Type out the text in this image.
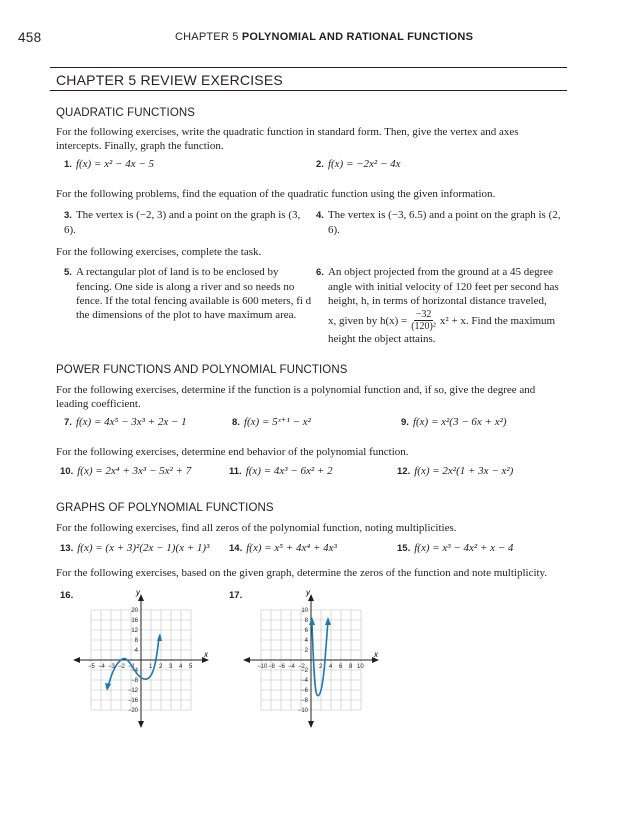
458	CHAPTER 5 POLYNOMIAL AND RATIONAL FUNCTIONS
CHAPTER 5 REVIEW EXERCISES
QUADRATIC FUNCTIONS
For the following exercises, write the quadratic function in standard form. Then, give the vertex and axes intercepts. Finally, graph the function.
1. f(x) = x² − 4x − 5	2. f(x) = −2x² − 4x
For the following problems, find the equation of the quadratic function using the given information.
3. The vertex is (−2, 3) and a point on the graph is (3, 6).
4. The vertex is (−3, 6.5) and a point on the graph is (2, 6).
For the following exercises, complete the task.
5. A rectangular plot of land is to be enclosed by fencing. One side is along a river and so needs no fence. If the total fencing available is 600 meters, fi d the dimensions of the plot to have maximum area.
6. An object projected from the ground at a 45 degree angle with initial velocity of 120 feet per second has height, h, in terms of horizontal distance traveled,
x, given by $h(x) = \frac{-32}{\text{(120)²}} x^2 + x$. Find the maximum
height the object attains.
POWER FUNCTIONS AND POLYNOMIAL FUNCTIONS
For the following exercises, determine if the function is a polynomial function and, if so, give the degree and leading coefficient.
7. f(x) = 4x⁵ − 3x³ + 2x − 1	8. f(x) = 5ˣ⁺¹ − x²	9. f(x) = x²(3 − 6x + x²)
For the following exercises, determine end behavior of the polynomial function.
10. f(x) = 2x⁴ + 3x³ − 5x² + 7	11. f(x) = 4x³ − 6x² + 2	12. f(x) = 2x²(1 + 3x − x²)
GRAPHS OF POLYNOMIAL FUNCTIONS
For the following exercises, find all zeros of the polynomial function, noting multiplicities.
13. f(x) = (x + 3)²(2x − 1)(x + 1)³ 14. f(x) = x⁵ + 4x⁴ + 4x³	15. f(x) = x³ − 4x² + x − 4
For the following exercises, based on the given graph, determine the zeros of the function and note multiplicity.
16.	17.
x
y
−5 −4 −3 −2 −1 1 2 3 4 5
20
16
12
8
4
−4
−8
−12
−16
−20
x
y
−10 −8 −6 −4 −2 2 4 6 8 10
10
8
6
4
2
−2
−4
−6
−8
−10
